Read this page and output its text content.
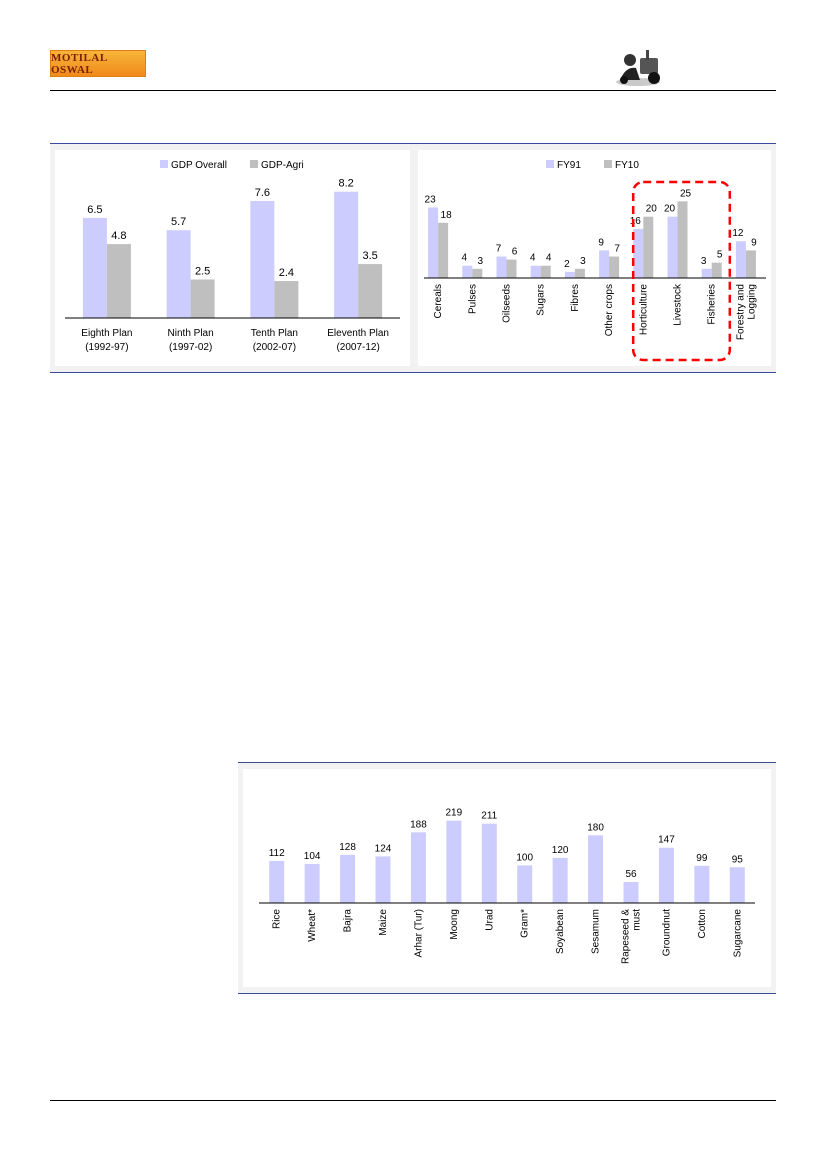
MOTILAL OSWAL
GDP Overall	GDP-Agri
6.5
4.8
Eighth Plan
(1992-97)
5.7
2.5
Ninth Plan
(1997-02)
7.6
2.4
Tenth Plan
(2002-07)
8.2
3.5
Eleventh Plan
(2007-12)
FY91	FY10
23
18
Cereals
4 3
Pulses
7 6
Oilseeds
4 4
Sugars
2 3
Fibres
9
7
Other crops
16
20
Horticulture
20
25
Livestock
3
5
Fisheries
12
9
Forestry and Logging
112
Rice
104
Wheat*
128
Bajra
124
Maize
188
Arhar (Tur)
219
Moong
211
Urad
100
Gram*
120
Soyabean
180
Sesamum
56
Rapeseed & must
147
Groundnut
99
Cotton
95
Sugarcane
